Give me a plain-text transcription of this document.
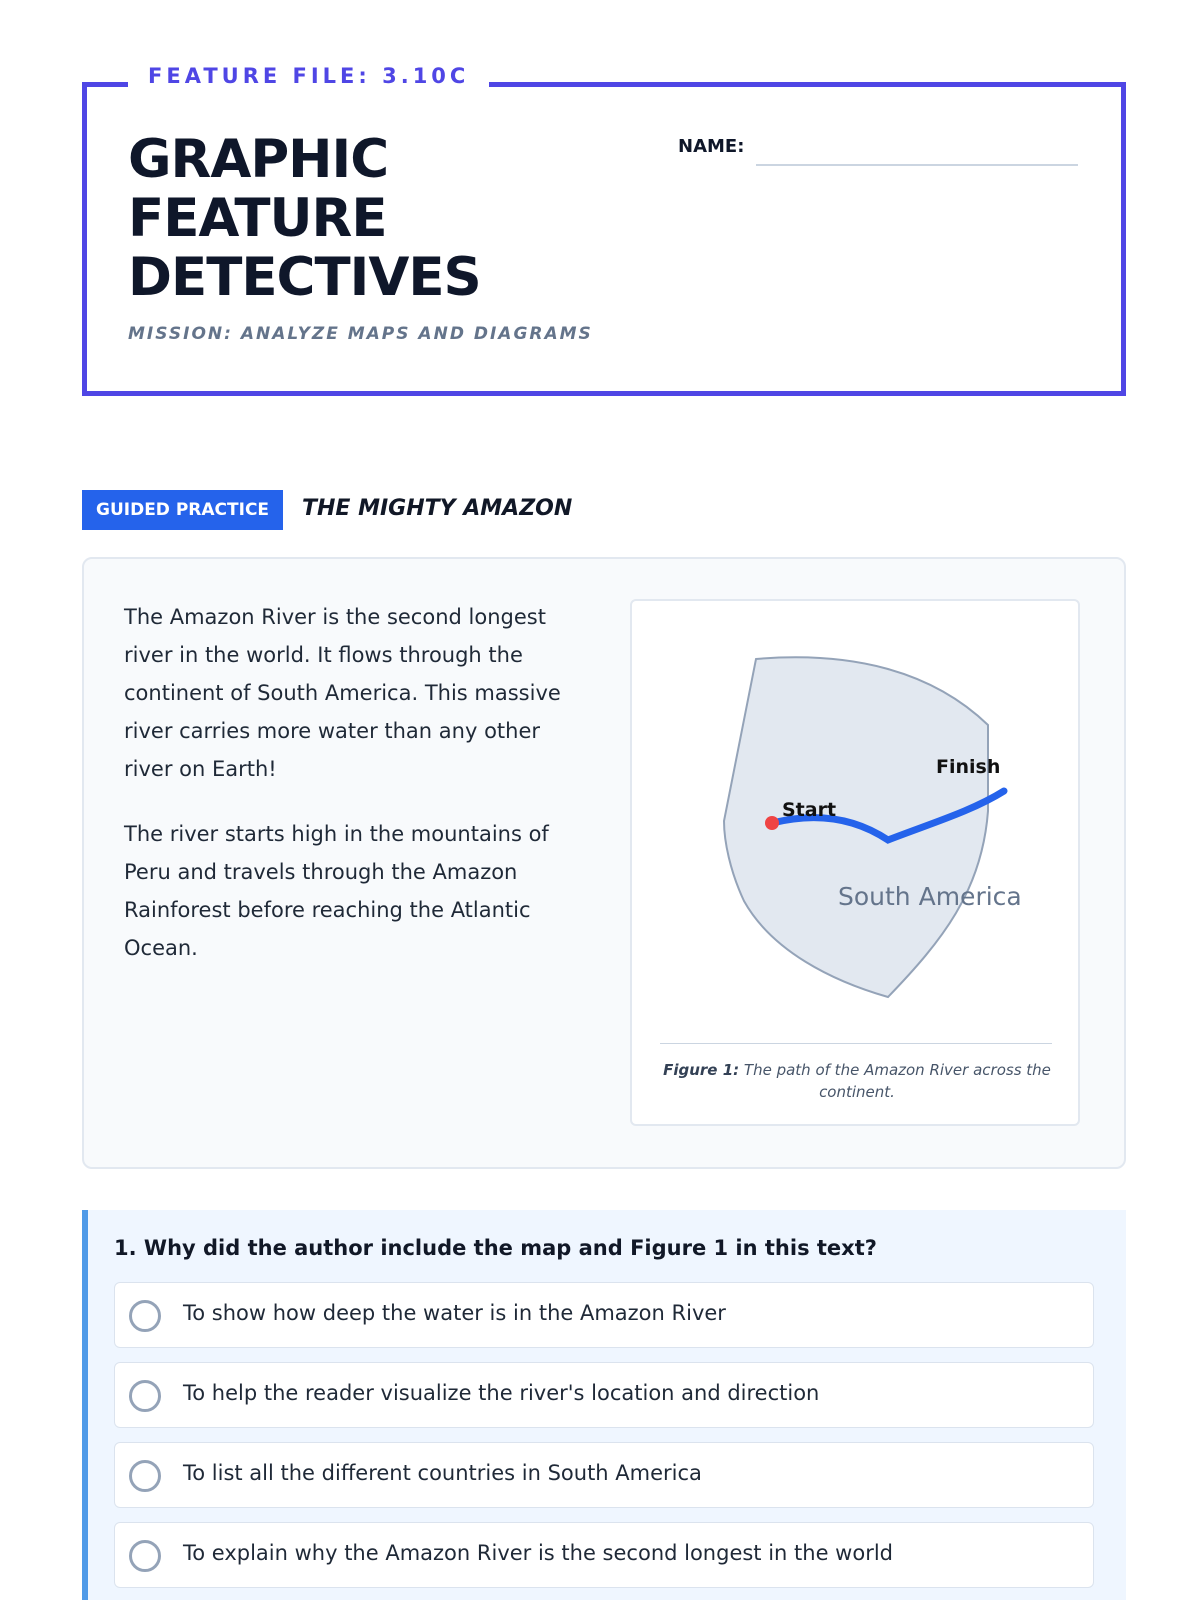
FEATURE FILE: 3.10C
GRAPHIC
FEATURE
DETECTIVES
MISSION: ANALYZE MAPS AND DIAGRAMS
NAME:
GUIDED PRACTICE	THE MIGHTY AMAZON

The Amazon River is the second longest river in the world. It flows through the continent of South America. This massive river carries more water than any other river on Earth!

The river starts high in the mountains of Peru and travels through the Amazon Rainforest before reaching the Atlantic Ocean.

Start
Finish
South America
Figure 1: The path of the Amazon River across the continent.
1. Why did the author include the map and Figure 1 in this text?
To show how deep the water is in the Amazon River
To help the reader visualize the river's location and direction
To list all the different countries in South America
To explain why the Amazon River is the second longest in the world
